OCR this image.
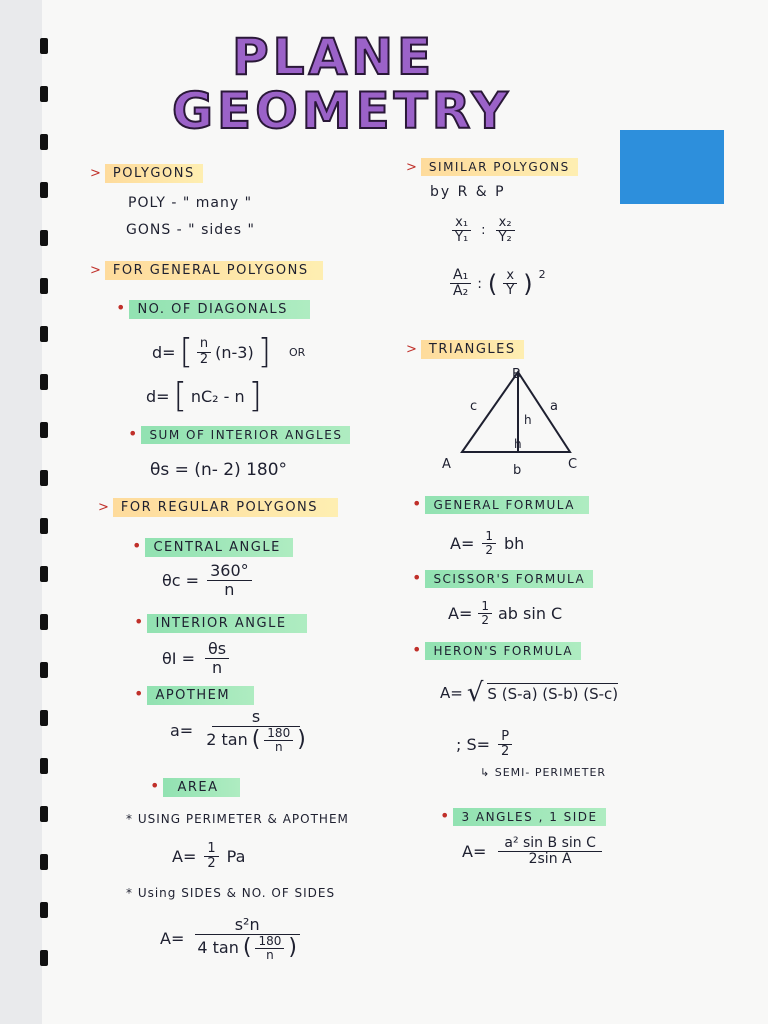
PLANE
GEOMETRY
> POLYGONS
POLY - " many "
GONS - " sides "
> FOR GENERAL POLYGONS
• NO. OF DIAGONALS
d= [ $\frac{n}{2} (n-3)$ ] OR
d= [ nC₂ - n ]
• SUM OF INTERIOR ANGLES
θs = (n- 2) 180°
> FOR REGULAR POLYGONS
• CENTRAL ANGLE
$\theta c = \frac{360^\circ}{n}$
• INTERIOR ANGLE
$\theta I = \frac{\theta s}{n}$
• APOTHEM
$a= \frac{s}{2 \tan ( \frac{180}{n} )}$
• AREA
* USING PERIMETER & APOTHEM
$A= \frac{1}{2}$ Pa
* Using SIDES & NO. OF SIDES
$A= \frac{\text{s²n}}{4 \tan ( \frac{180}{n} )}$
> SIMILAR POLYGONS
by R & P
$\frac{\text{x₁}}{\text{Y₁}}$ : $\frac{\text{x₂}}{\text{Y₂}}$
$\frac{\text{A₁}}{\text{A₂}}$ : ( $\frac{x}{Y}$ ) 2
> TRIANGLES
B
A	C
c	a
b
h
h
• GENERAL FORMULA
$A= \frac{1}{2}$ bh
• SCISSOR'S FORMULA
$A= \frac{1}{2}$ ab sin C
• HERON'S FORMULA
A= √ S (S-a) (S-b) (S-c)
; $S= \frac{P}{2}$
↳ SEMI- PERIMETER
• 3 ANGLES , 1 SIDE
$A= \frac{\text{a² sin B sin C}}{\text{2sin A}}$
